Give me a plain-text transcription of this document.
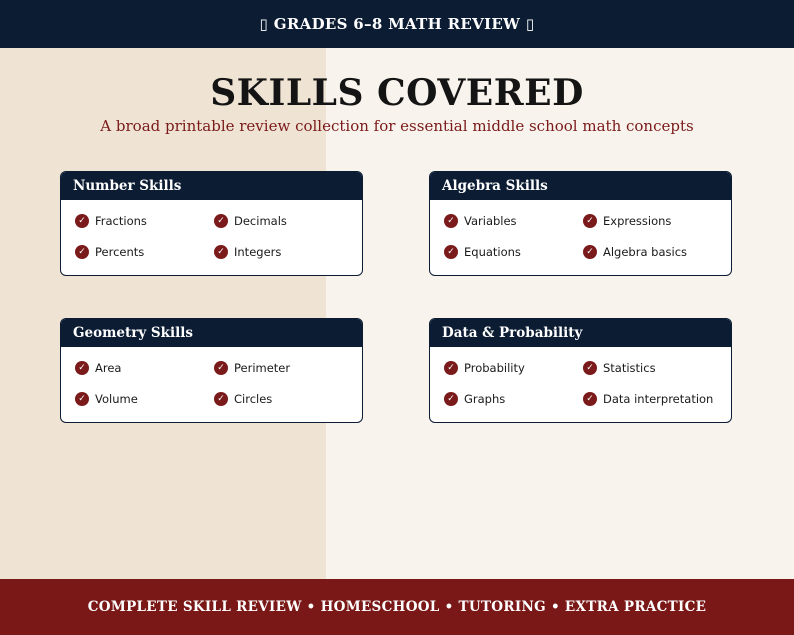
▯ GRADES 6–8 MATH REVIEW ▯
SKILLS COVERED
A broad printable review collection for essential middle school math concepts
Number Skills
✓ Fractions	✓ Decimals
✓ Percents	✓ Integers
Algebra Skills
✓ Variables	✓ Expressions
✓ Equations	✓ Algebra basics
Geometry Skills
✓ Area	✓ Perimeter
✓ Volume	✓ Circles
Data & Probability
✓ Probability	✓ Statistics
✓ Graphs	✓ Data interpretation
COMPLETE SKILL REVIEW • HOMESCHOOL • TUTORING • EXTRA PRACTICE
